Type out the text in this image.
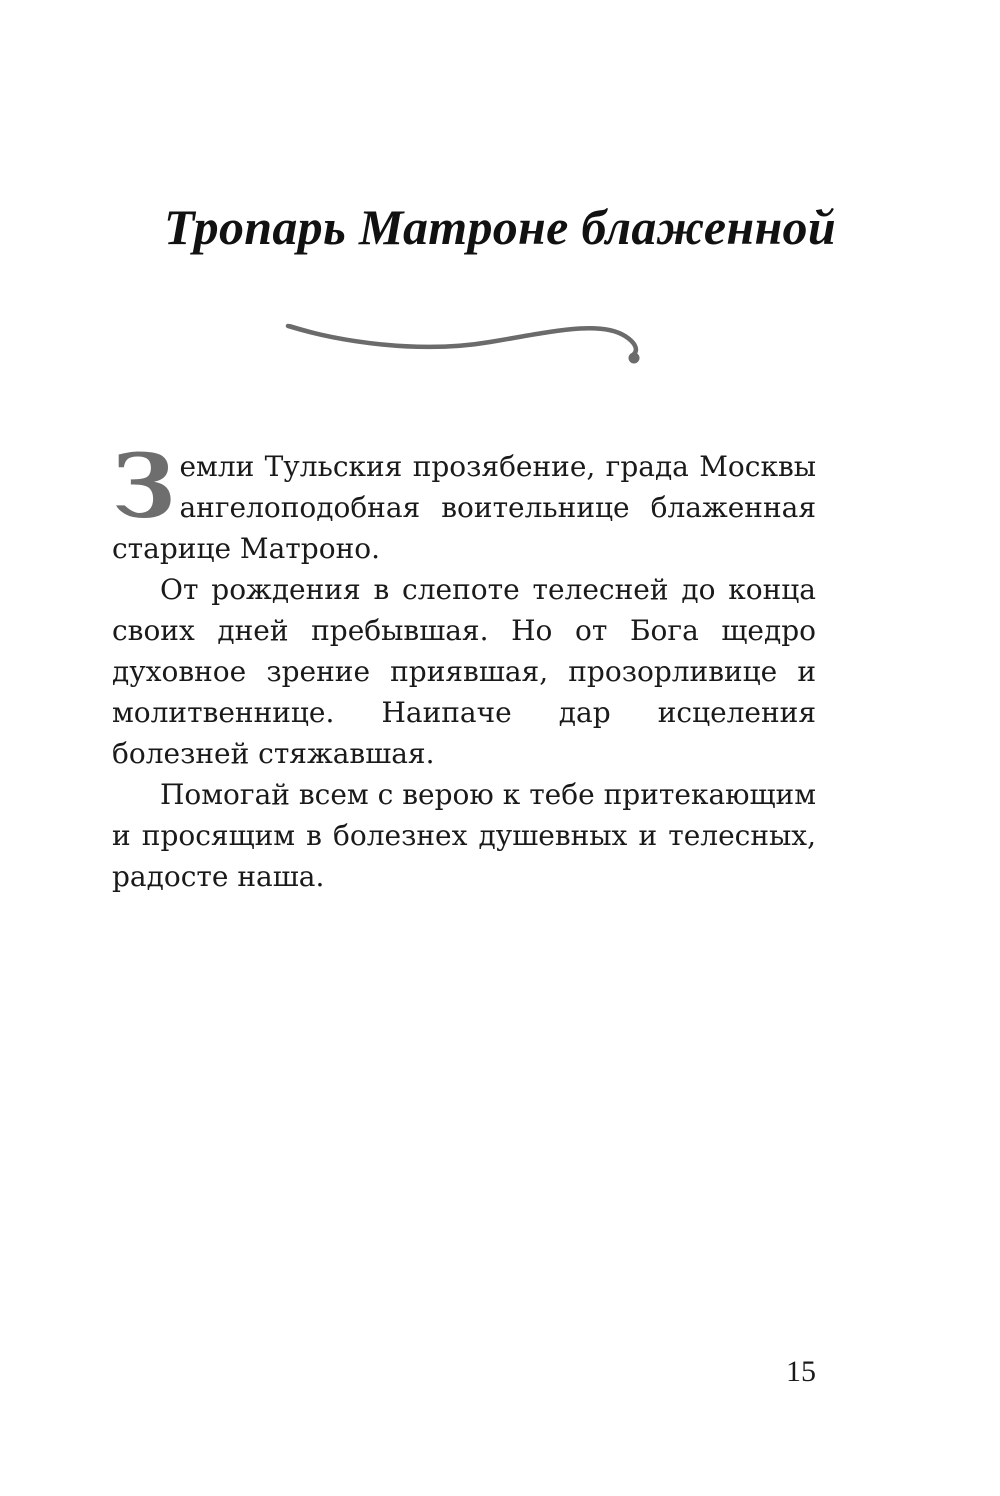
Тропарь Матроне блаженной

Земли Тульския прозябение, града Москвы ангелоподобная воительнице блаженная старице Матроно.

От рождения в слепоте телесней до конца своих дней пребывшая. Но от Бога щедро духовное зрение приявшая, прозорливице и молитвеннице. Наипаче дар исцеления болезней стяжавшая.

Помогай всем с верою к тебе притекающим и просящим в болезнех душевных и телесных, радосте наша.

15
